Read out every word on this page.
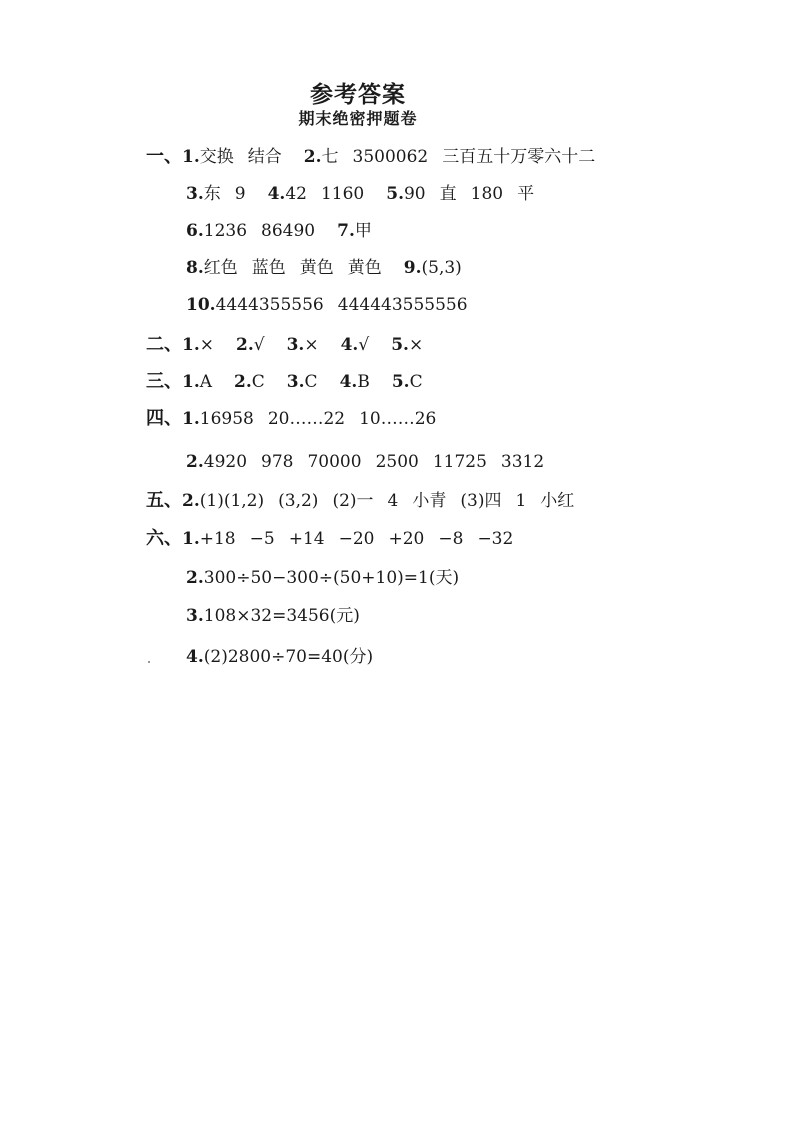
参考答案
期末绝密押题卷
一、1.交换 结合 2.七 3500062 三百五十万零六十二
3.东 9 4.42 1160 5.90 直 180 平
6.1236 86490 7.甲
8.红色 蓝色 黄色 黄色 9.(5,3)
10.4444355556 444443555556
二、1.× 2.√ 3.× 4.√ 5.×
三、1.A 2.C 3.C 4.B 5.C
四、1.16958 20……22 10……26
2.4920 978 70000 2500 11725 3312
五、2.(1)(1,2) (3,2) (2)一 4 小青 (3)四 1 小红
六、1.+18 −5 +14 −20 +20 −8 −32
2.300÷50−300÷(50+10)=1(天)
3.108×32=3456(元)
4.(2)2800÷70=40(分)
